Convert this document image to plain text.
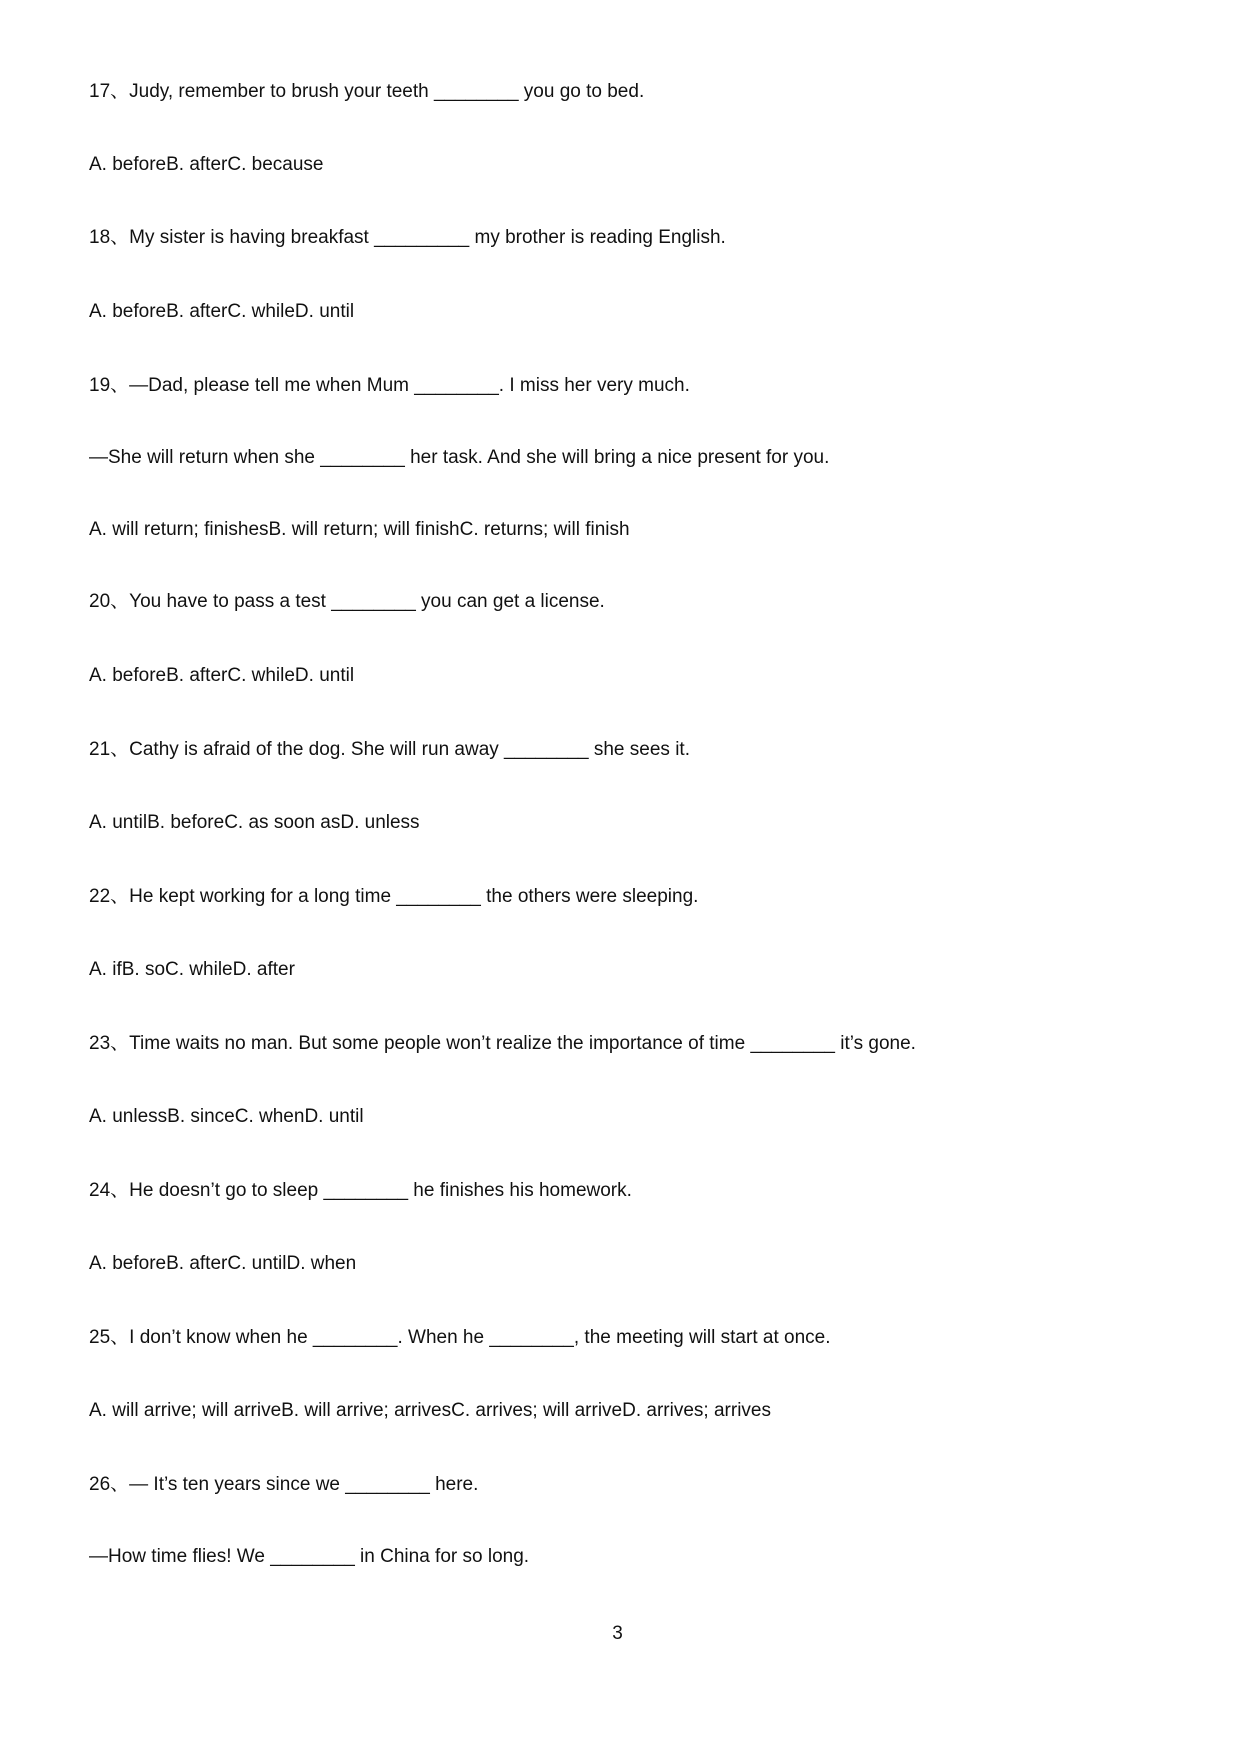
17、Judy, remember to brush your teeth ________ you go to bed.
A. beforeB. afterC. because
18、My sister is having breakfast _________ my brother is reading English.
A. beforeB. afterC. whileD. until
19、—Dad, please tell me when Mum ________. I miss her very much.
—She will return when she ________ her task. And she will bring a nice present for you.
A. will return; finishesB. will return; will finishC. returns; will finish
20、You have to pass a test ________ you can get a license.
A. beforeB. afterC. whileD. until
21、Cathy is afraid of the dog. She will run away ________ she sees it.
A. untilB. beforeC. as soon asD. unless
22、He kept working for a long time ________ the others were sleeping.
A. ifB. soC. whileD. after
23、Time waits no man. But some people won’t realize the importance of time ________ it’s gone.
A. unlessB. sinceC. whenD. until
24、He doesn’t go to sleep ________ he finishes his homework.
A. beforeB. afterC. untilD. when
25、I don’t know when he ________. When he ________, the meeting will start at once.
A. will arrive; will arriveB. will arrive; arrivesC. arrives; will arriveD. arrives; arrives
26、— It’s ten years since we ________ here.
—How time flies! We ________ in China for so long.
3
